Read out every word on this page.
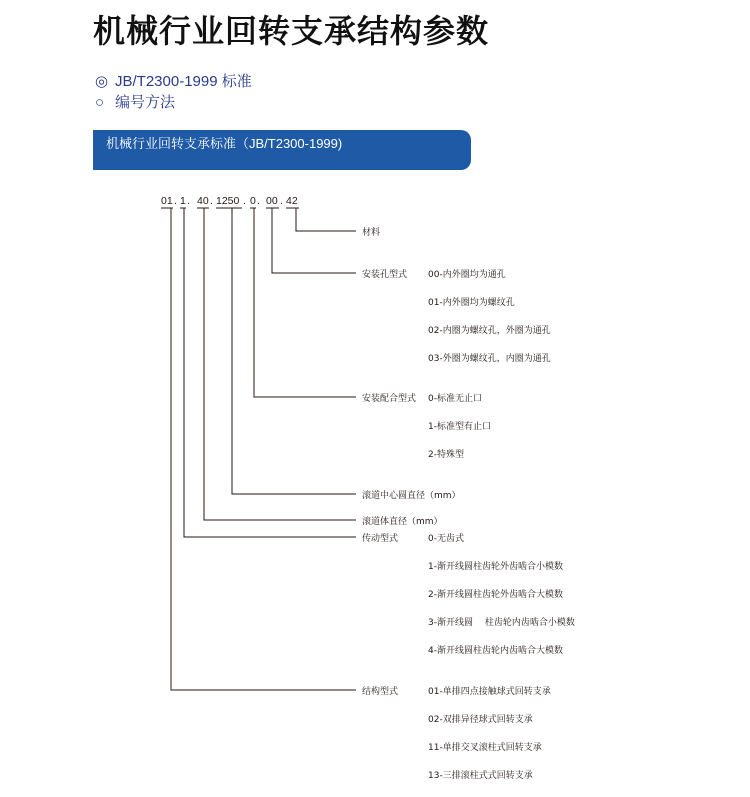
机械行业回转支承结构参数
◎ JB/T2300-1999 标准
○ 编号方法
机械行业回转支承标准（JB/T2300-1999)
01 . 1 . 40 . 1250 . 0 . 00 . 42
材料
安装孔型式
安装配合型式
滚道中心圆直径（mm）
滚道体直径（mm）
传动型式
结构型式
00-内外圈均为通孔
01-内外圈均为螺纹孔
02-内圈为螺纹孔，外圈为通孔
03-外圈为螺纹孔，内圈为通孔
0-标准无止口
1-标准型有止口
2-特殊型
0-无齿式
1-渐开线圆柱齿轮外齿啮合小模数
2-渐开线圆柱齿轮外齿啮合大模数
3-渐开线圆　 柱齿轮内齿啮合小模数
4-渐开线圆柱齿轮内齿啮合大模数
01-单排四点接触球式回转支承
02-双排异径球式回转支承
11-单排交叉滚柱式回转支承
13-三排滚柱式式回转支承
